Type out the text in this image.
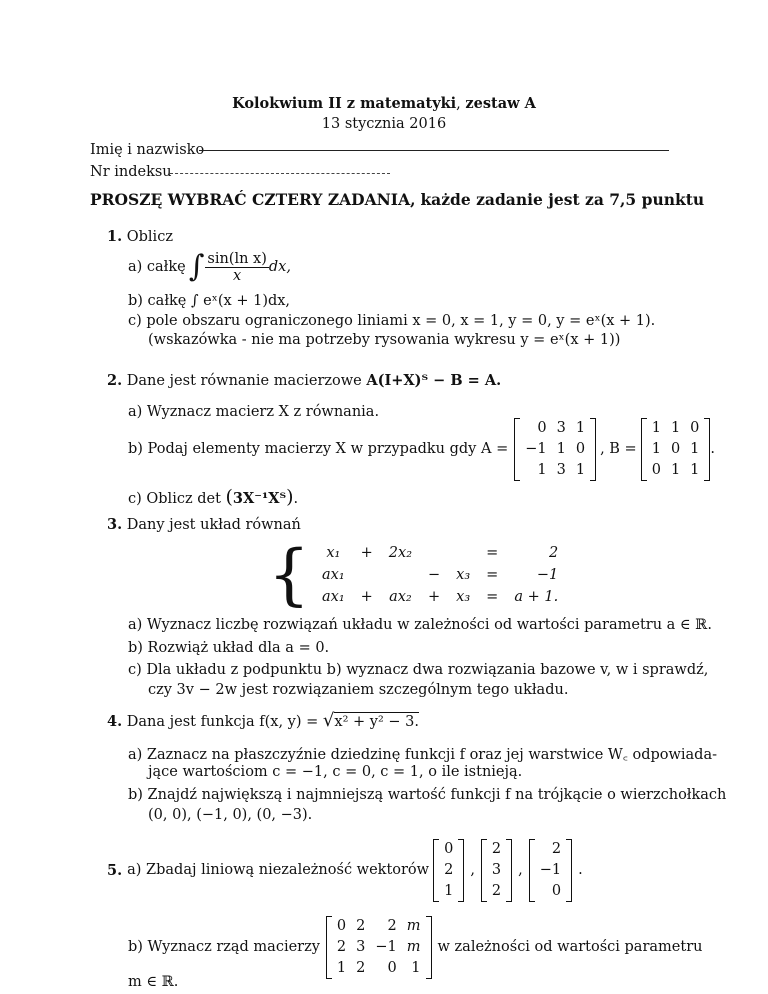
Kolokwium II z matematyki, zestaw A
13 stycznia 2016
Imię i nazwisko
Nr indeksu
PROSZĘ WYBRAĆ CZTERY ZADANIA, każde zadanie jest za 7,5 punktu
1. Oblicz
a) całkę ∫ $\frac{\text{sin(ln x)}}{x}$ dx,
b) całkę ∫ eˣ(x + 1)dx,
c) pole obszaru ograniczonego liniami x = 0, x = 1, y = 0, y = eˣ(x + 1).
(wskazówka - nie ma potrzeby rysowania wykresu y = eˣ(x + 1))
2. Dane jest równanie macierzowe A(I+X)ᵀ − B = A.
a) Wyznacz macierz X z równania.
b) Podaj elementy macierzy X w przypadku gdy A =
0	3	1
−1	1	0
1	3	1
, B =
1	1	0
1	0	1
0	1	1
.
c) Oblicz det (3X⁻¹Xᵀ).
3. Dany jest układ równań
{ x₁	+	2x₂			=	2
ax₁			−	x₃	=	−1
ax₁	+	ax₂	+	x₃	=	a + 1.
a) Wyznacz liczbę rozwiązań układu w zależności od wartości parametru a ∈ ℝ.
b) Rozwiąż układ dla a = 0.
c) Dla układu z podpunktu b) wyznacz dwa rozwiązania bazowe v, w i sprawdź,
czy 3v − 2w jest rozwiązaniem szczególnym tego układu.
4. Dana jest funkcja f(x, y) = √x² + y² − 3.
a) Zaznacz na płaszczyźnie dziedzinę funkcji f oraz jej warstwice W꜀ odpowiada-
jące wartościom c = −1, c = 0, c = 1, o ile istnieją.
b) Znajdź największą i najmniejszą wartość funkcji f na trójkącie o wierzchołkach
(0, 0), (−1, 0), (0, −3).
5. a) Zbadaj liniową niezależność wektorów
0
2
1
,
2
3
2
,
2
−1
0
.
b) Wyznacz rząd macierzy
0	2	2	m
2	3	−1	m
1	2	0	1
w zależności od wartości parametru
m ∈ ℝ.
